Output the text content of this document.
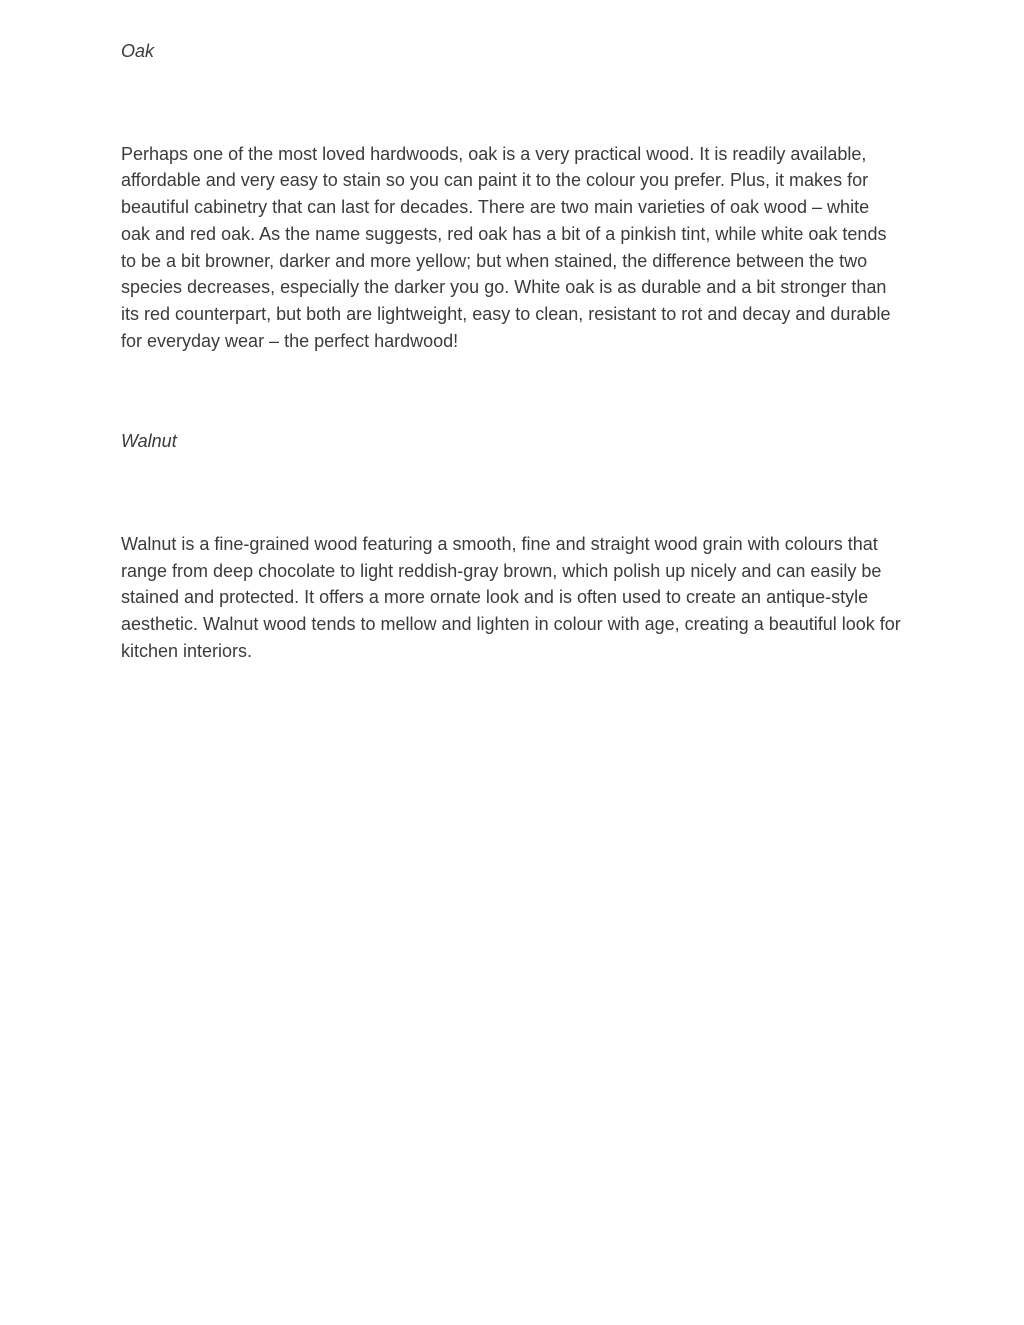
Oak

Perhaps one of the most loved hardwoods, oak is a very practical wood. It is readily available, affordable and very easy to stain so you can paint it to the colour you prefer. Plus, it makes for beautiful cabinetry that can last for decades. There are two main varieties of oak wood – white oak and red oak. As the name suggests, red oak has a bit of a pinkish tint, while white oak tends to be a bit browner, darker and more yellow; but when stained, the difference between the two species decreases, especially the darker you go. White oak is as durable and a bit stronger than its red counterpart, but both are lightweight, easy to clean, resistant to rot and decay and durable for everyday wear – the perfect hardwood!

Walnut

Walnut is a fine-grained wood featuring a smooth, fine and straight wood grain with colours that range from deep chocolate to light reddish-gray brown, which polish up nicely and can easily be stained and protected. It offers a more ornate look and is often used to create an antique-style aesthetic. Walnut wood tends to mellow and lighten in colour with age, creating a beautiful look for kitchen interiors.
